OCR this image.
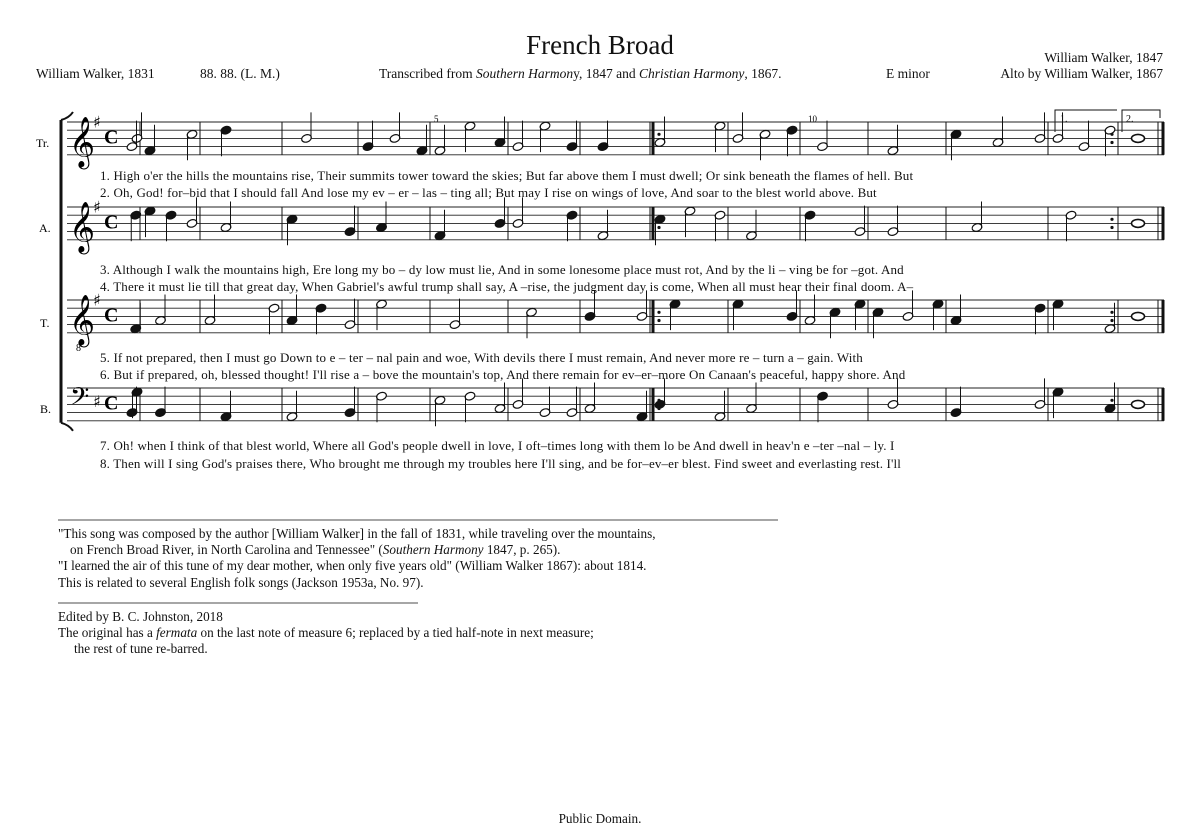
French Broad
William Walker, 1831	88. 88. (L. M.)	Transcribed from Southern Harmony, 1847 and Christian Harmony, 1867.	E minor
William Walker, 1847
Alto by William Walker, 1867
Tr.
A.
T.
B.
5	10	1.	2.
𝄞
♯
C
𝄞
♯
C
𝄞
8
♯
C
𝄢 ♯ C
1. High o'er the hills the mountains rise, Their summits tower toward the skies; But far above them I must dwell; Or sink beneath the flames of hell. But
2. Oh, God! for–bid that I should fall And lose my ev – er – las – ting all; But may I rise on wings of love, And soar to the blest world above. But
3. Although I walk the mountains high, Ere long my bo – dy low must lie, And in some lonesome place must rot, And by the li – ving be for –got. And
4. There it must lie till that great day, When Gabriel's awful trump shall say, A –rise, the judgment day is come, When all must hear their final doom. A–
5. If not prepared, then I must go Down to e – ter – nal pain and woe, With devils there I must remain, And never more re – turn a – gain. With
6. But if prepared, oh, blessed thought! I'll rise a – bove the mountain's top, And there remain for ev–er–more On Canaan's peaceful, happy shore. And
7. Oh! when I think of that blest world, Where all God's people dwell in love, I oft–times long with them lo be And dwell in heav'n e –ter –nal – ly. I
8. Then will I sing God's praises there, Who brought me through my troubles here I'll sing, and be for–ev–er blest. Find sweet and everlasting rest. I'll
"This song was composed by the author [William Walker] in the fall of 1831, while traveling over the mountains,
on French Broad River, in North Carolina and Tennessee" (Southern Harmony 1847, p. 265).
"I learned the air of this tune of my dear mother, when only five years old" (William Walker 1867): about 1814.
This is related to several English folk songs (Jackson 1953a, No. 97).
Edited by B. C. Johnston, 2018
The original has a fermata on the last note of measure 6; replaced by a tied half-note in next measure;
the rest of tune re-barred.
Public Domain.
